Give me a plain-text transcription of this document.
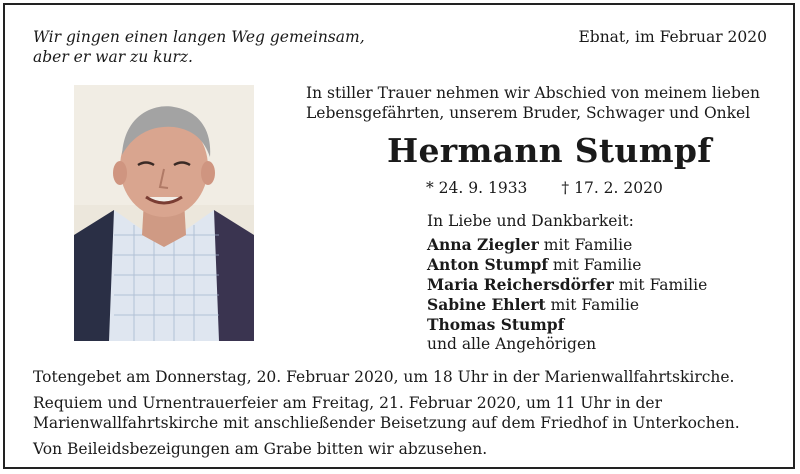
Wir gingen einen langen Weg gemeinsam,
aber er war zu kurz.
Ebnat, im Februar 2020
In stiller Trauer nehmen wir Abschied von meinem lieben
Lebensgefährten, unserem Bruder, Schwager und Onkel
Hermann Stumpf
* 24. 9. 1933 † 17. 2. 2020
In Liebe und Dankbarkeit:
Anna Ziegler mit Familie
Anton Stumpf mit Familie
Maria Reichersdörfer mit Familie
Sabine Ehlert mit Familie
Thomas Stumpf
und alle Angehörigen

Totengebet am Donnerstag, 20. Februar 2020, um 18 Uhr in der Marienwallfahrtskirche.

Requiem und Urnentrauerfeier am Freitag, 21. Februar 2020, um 11 Uhr in der Marienwallfahrtskirche mit anschließender Beisetzung auf dem Friedhof in Unterkochen.

Von Beileidsbezeigungen am Grabe bitten wir abzusehen.
